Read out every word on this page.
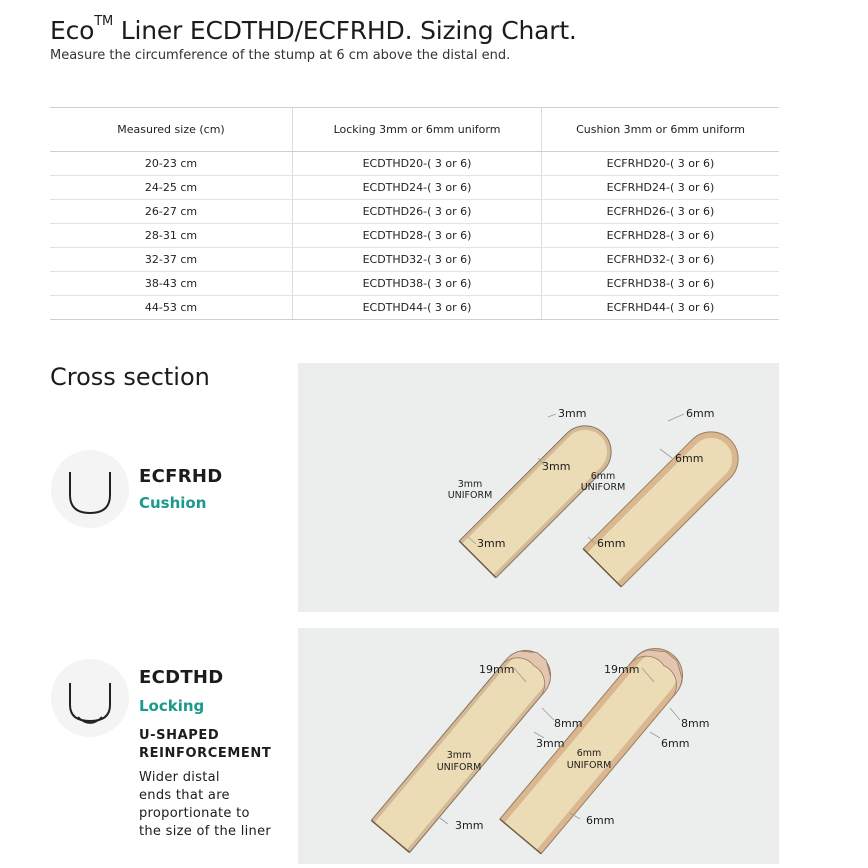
Eco™ Liner ECDTHD/ECFRHD. Sizing Chart.
Measure the circumference of the stump at 6 cm above the distal end.
Measured size (cm)	Locking 3mm or 6mm uniform	Cushion 3mm or 6mm uniform
20-23 cm	ECDTHD20-( 3 or 6)	ECFRHD20-( 3 or 6)
24-25 cm	ECDTHD24-( 3 or 6)	ECFRHD24-( 3 or 6)
26-27 cm	ECDTHD26-( 3 or 6)	ECFRHD26-( 3 or 6)
28-31 cm	ECDTHD28-( 3 or 6)	ECFRHD28-( 3 or 6)
32-37 cm	ECDTHD32-( 3 or 6)	ECFRHD32-( 3 or 6)
38-43 cm	ECDTHD38-( 3 or 6)	ECFRHD38-( 3 or 6)
44-53 cm	ECDTHD44-( 3 or 6)	ECFRHD44-( 3 or 6)
Cross section
ECFRHD
Cushion
3mm
3mm
3mm
UNIFORM
3mm
6mm
6mm
6mm
UNIFORM
6mm
ECDTHD
Locking
U-SHAPED
REINFORCEMENT
Wider distal
ends that are
proportionate to
the size of the liner
19mm
8mm
3mm
3mm
UNIFORM
3mm
19mm
8mm
6mm
6mm
UNIFORM
6mm
